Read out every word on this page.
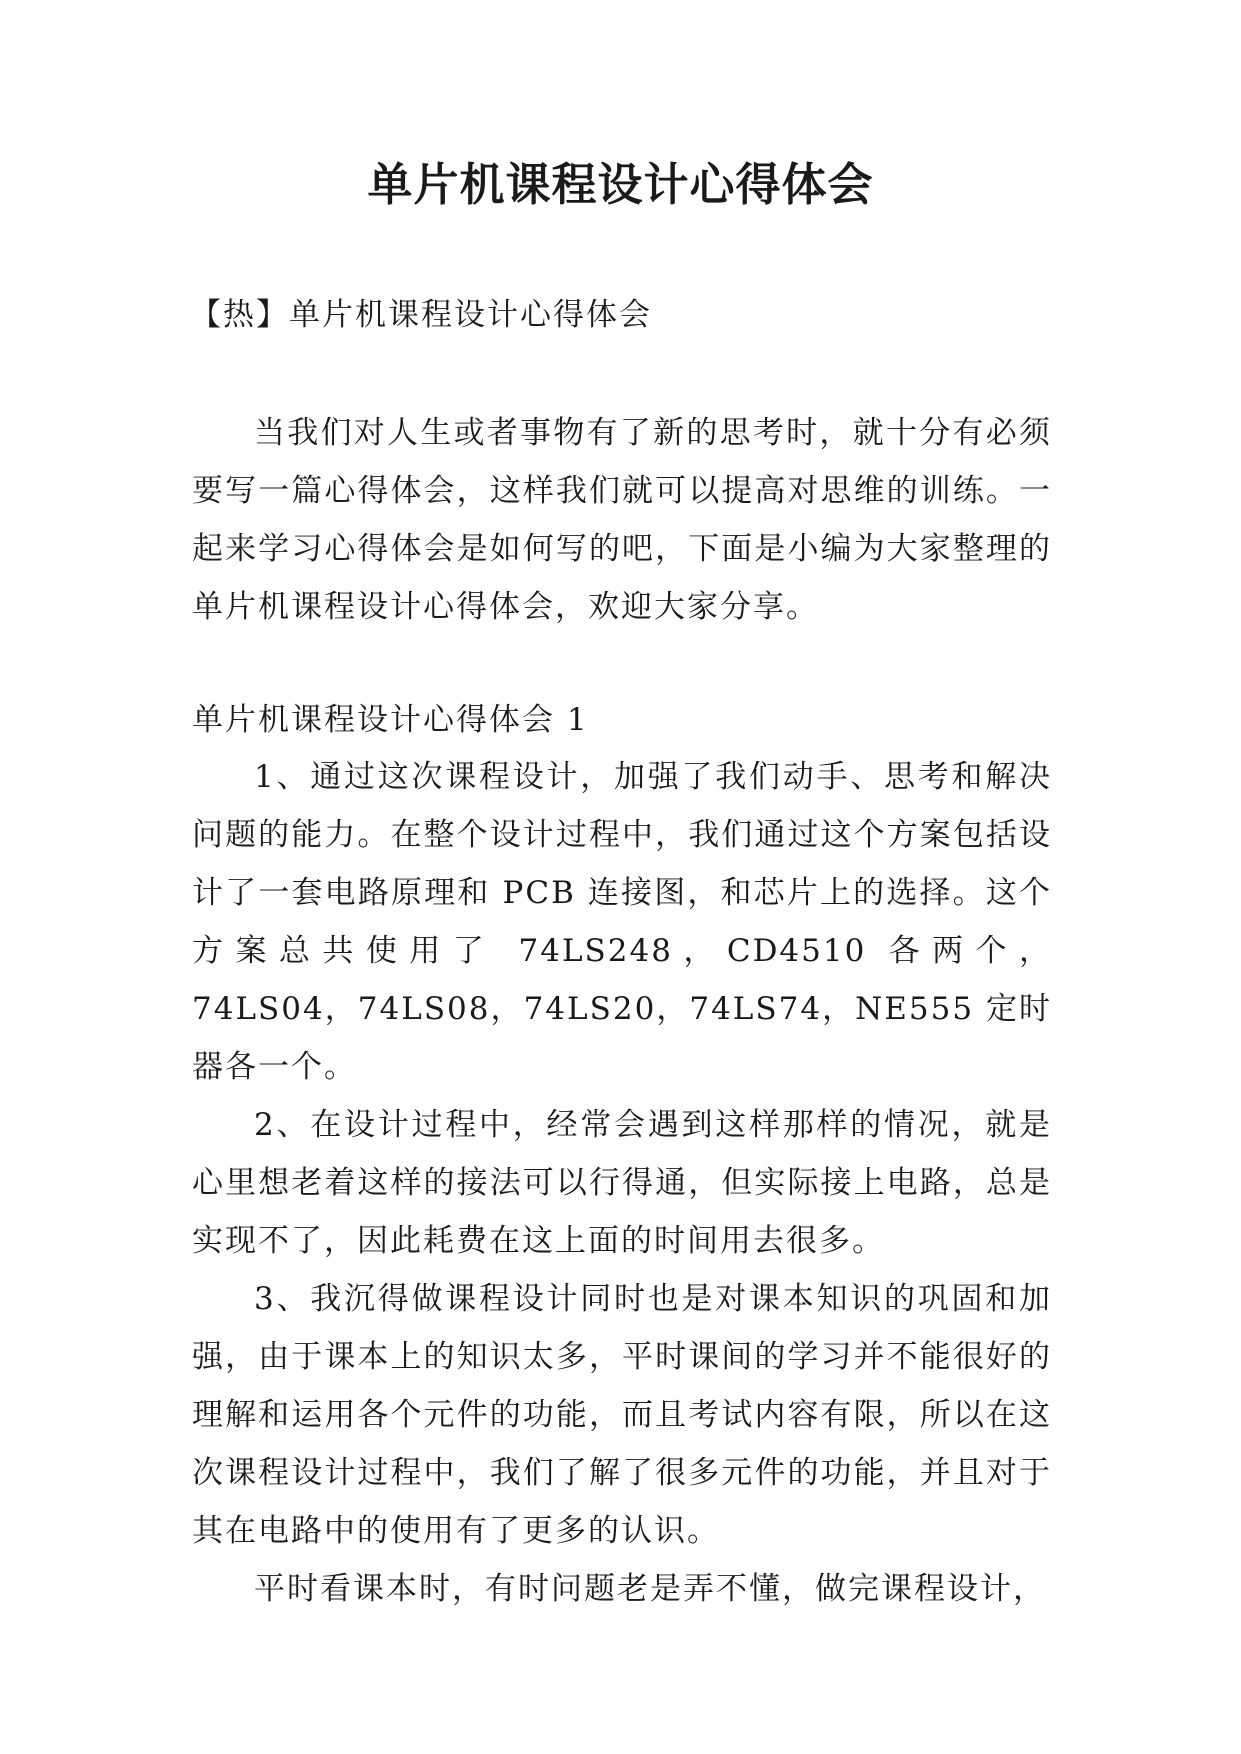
单片机课程设计心得体会
【热】单片机课程设计心得体会

当我们对人生或者事物有了新的思考时，就十分有必须要写一篇心得体会，这样我们就可以提高对思维的训练。一起来学习心得体会是如何写的吧，下面是小编为大家整理的单片机课程设计心得体会，欢迎大家分享。

单片机课程设计心得体会 1

1、通过这次课程设计，加强了我们动手、思考和解决问题的能力。在整个设计过程中，我们通过这个方案包括设计了一套电路原理和 PCB 连接图，和芯片上的选择。这个方案总共使用了 74LS248，CD4510 各两个，74LS04，74LS08，74LS20，74LS74，NE555 定时器各一个。

2、在设计过程中，经常会遇到这样那样的情况，就是心里想老着这样的接法可以行得通，但实际接上电路，总是实现不了，因此耗费在这上面的时间用去很多。

3、我沉得做课程设计同时也是对课本知识的巩固和加强，由于课本上的知识太多，平时课间的学习并不能很好的理解和运用各个元件的功能，而且考试内容有限，所以在这次课程设计过程中，我们了解了很多元件的功能，并且对于其在电路中的使用有了更多的认识。

平时看课本时，有时问题老是弄不懂，做完课程设计，
